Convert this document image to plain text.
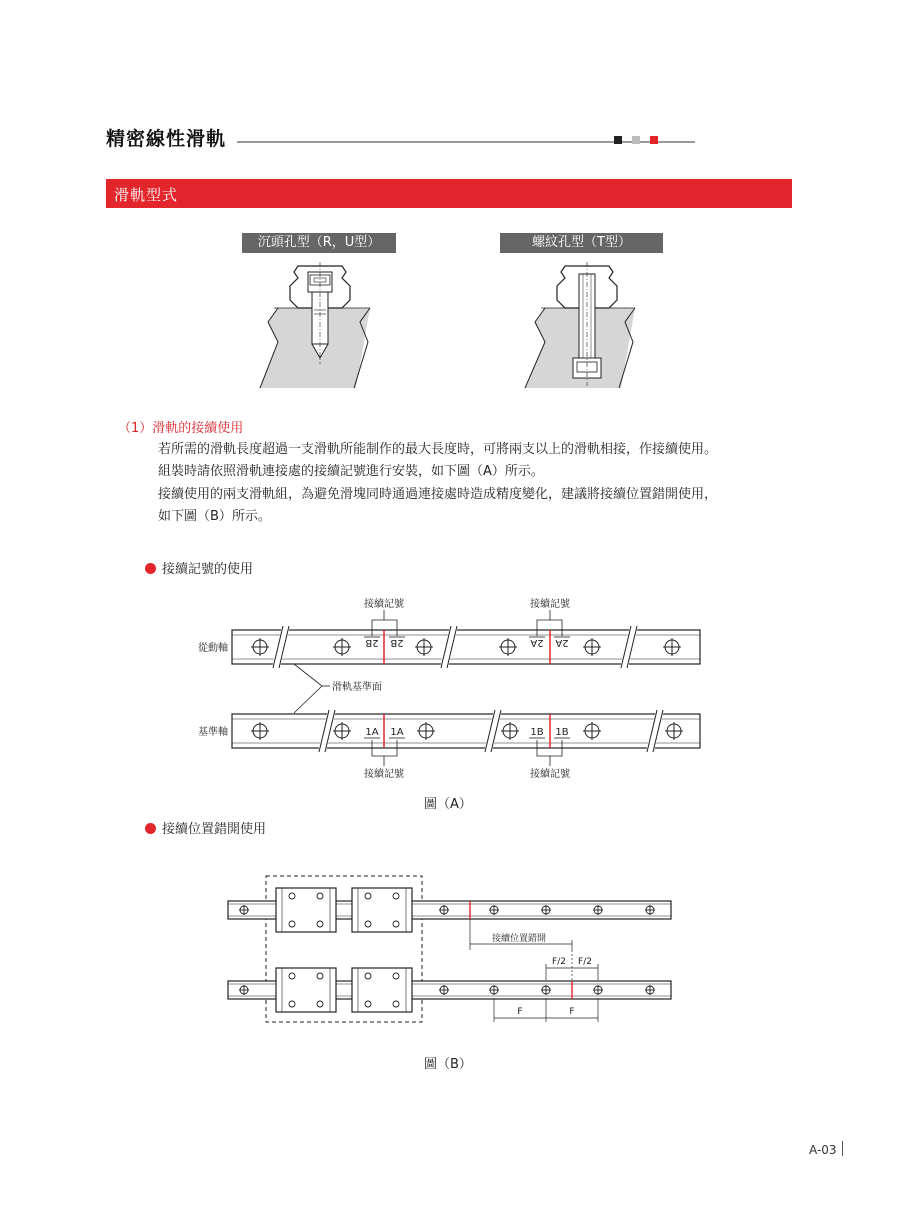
精密線性滑軌
滑軌型式
沉頭孔型（R，U型）	螺紋孔型（T型）
（1）滑軌的接續使用
若所需的滑軌長度超過一支滑軌所能制作的最大長度時，可將兩支以上的滑軌相接，作接續使用。
組裝時請依照滑軌連接處的接續記號進行安裝，如下圖（A）所示。
接續使用的兩支滑軌組，為避免滑塊同時通過連接處時造成精度變化，建議將接續位置錯開使用，
如下圖（B）所示。
接續記號的使用
2B 2B	2A 2A
接續記號	接續記號
從動軸
滑軌基準面
1A 1A	1B 1B
接續記號	接續記號
基準軸
圖（A）
接續位置錯開使用
接續位置錯開
F/2 F/2
F	F
圖（B）
A-03
